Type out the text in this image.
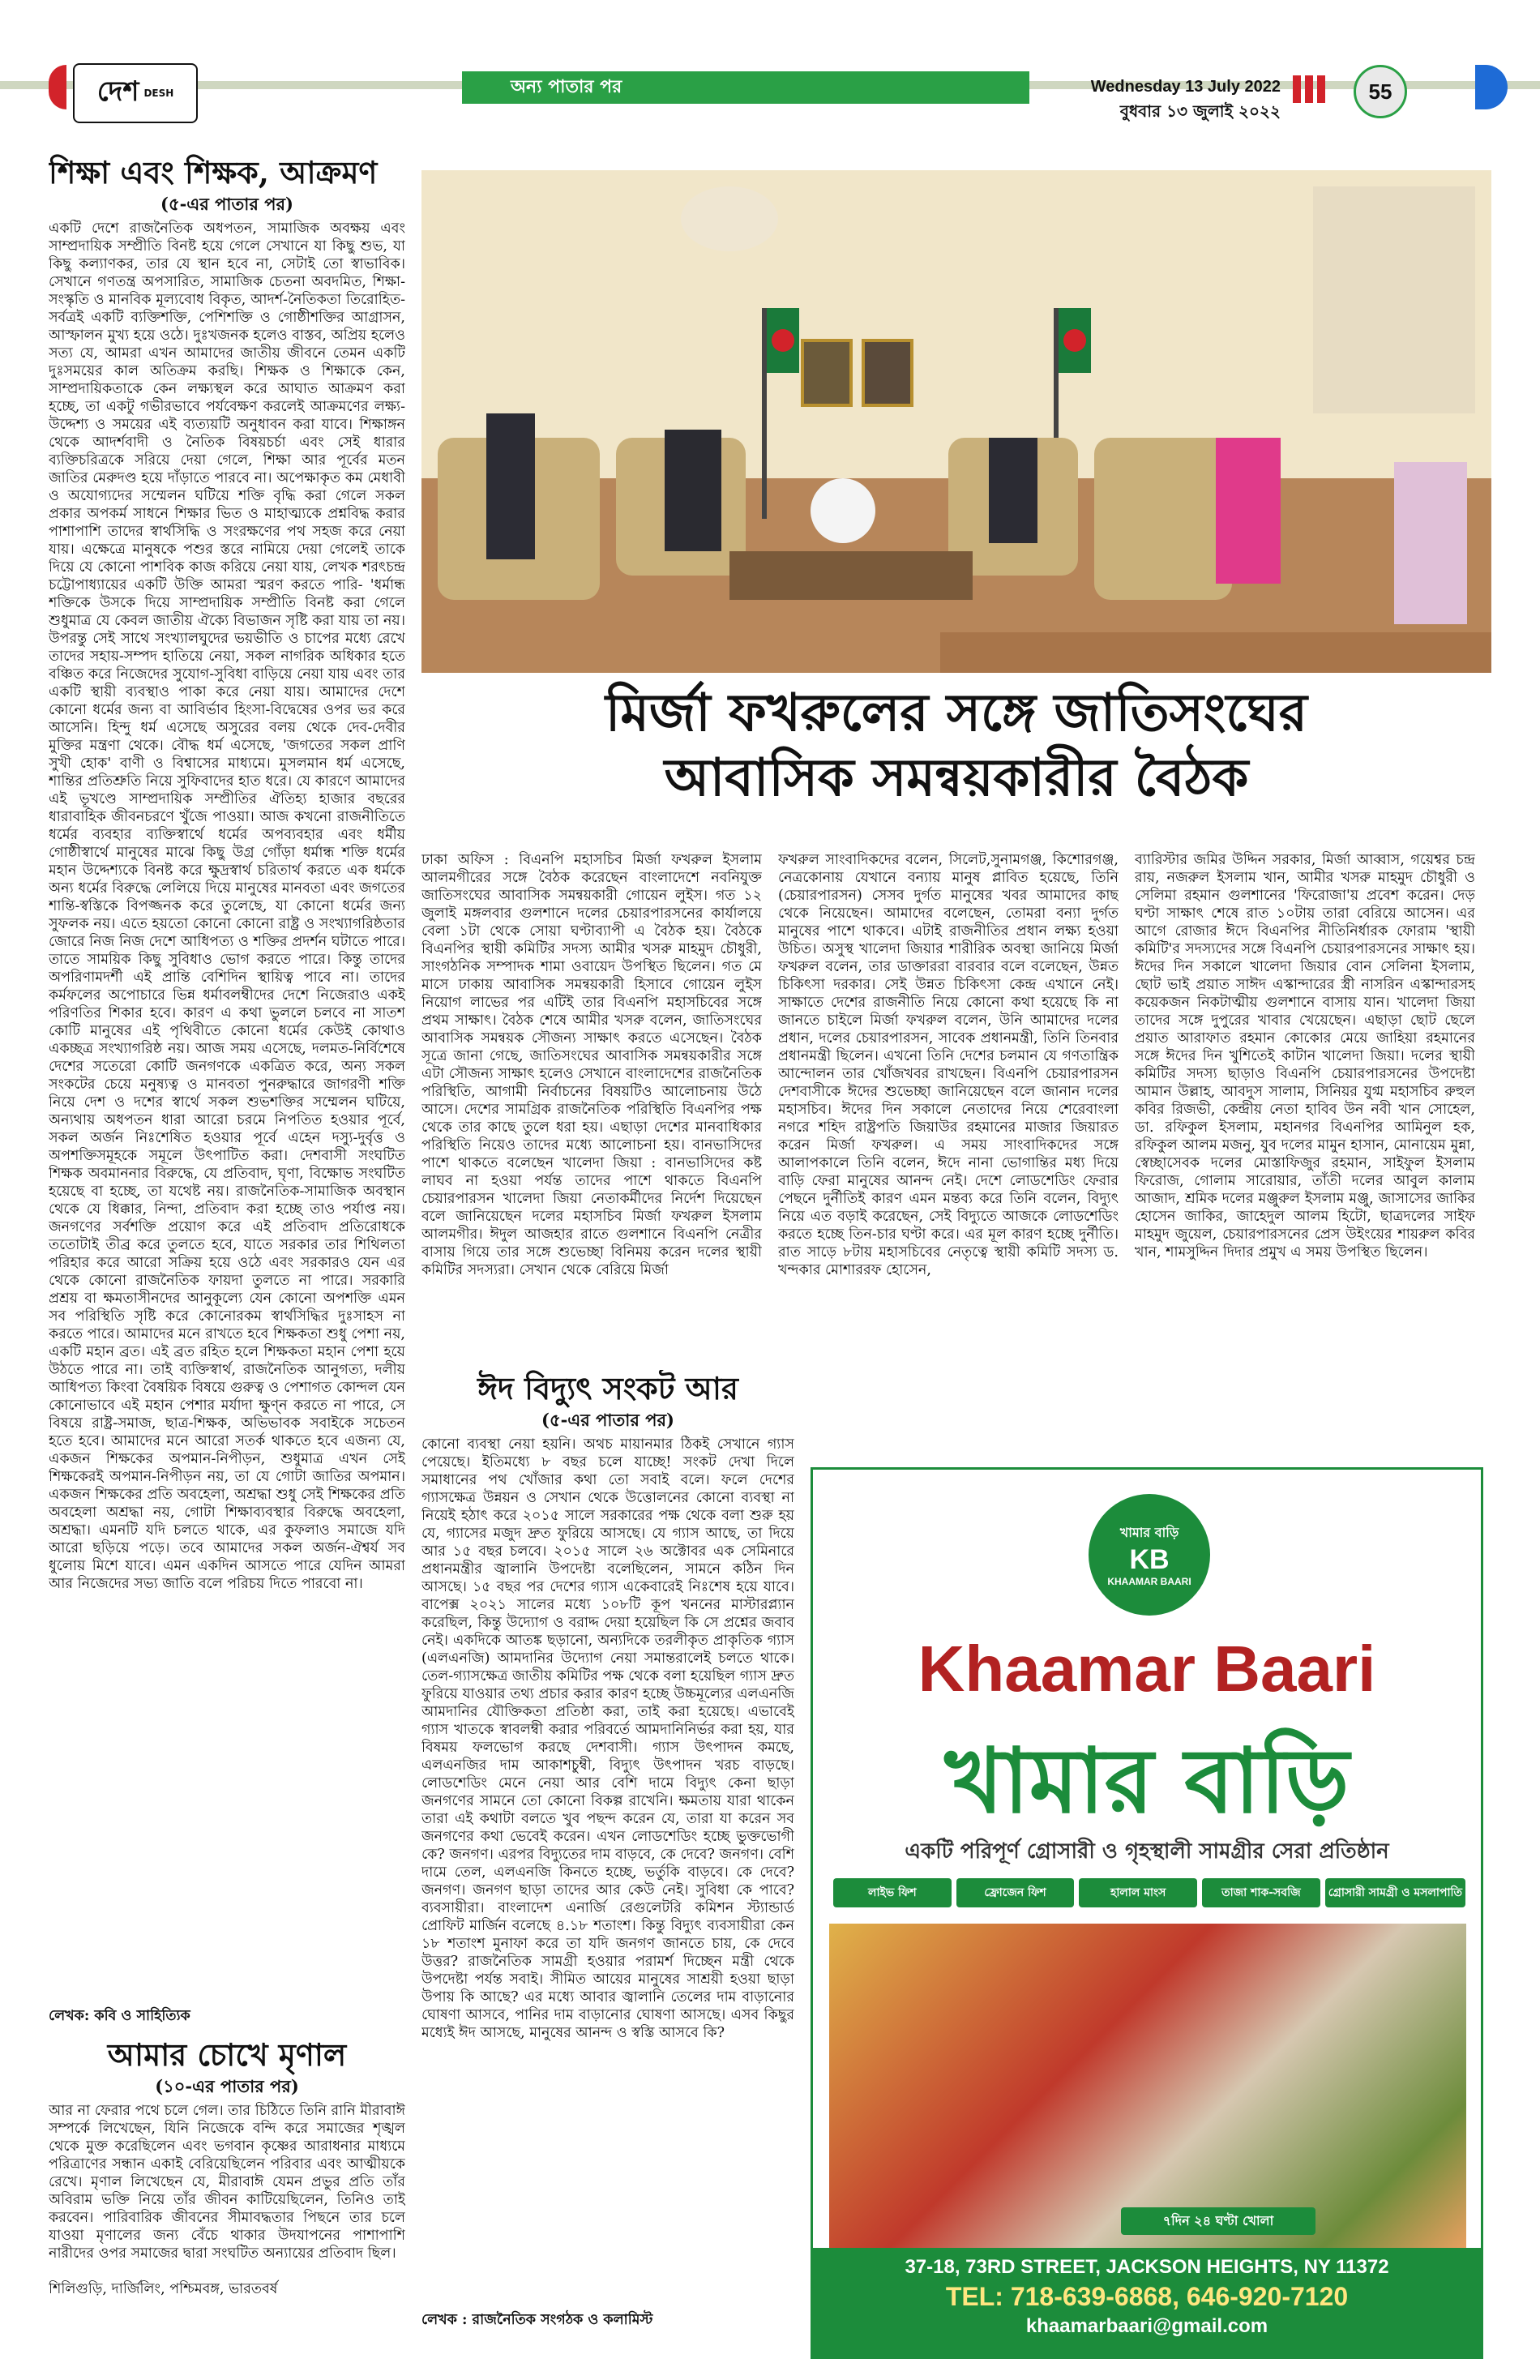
দেশ DESH	অন্য পাতার পর	Wednesday 13 July 2022
বুধবার ১৩ জুলাই ২০২২
55
শিক্ষা এবং শিক্ষক, আক্রমণ
(৫-এর পাতার পর)
একটি দেশে রাজনৈতিক অধপতন, সামাজিক অবক্ষয় এবং সাম্প্রদায়িক সম্প্রীতি বিনষ্ট হয়ে গেলে সেখানে যা কিছু শুভ, যা কিছু কল্যাণকর, তার যে স্থান হবে না, সেটাই তো স্বাভাবিক। সেখানে গণতন্ত্র অপসারিত, সামাজিক চেতনা অবদমিত, শিক্ষা-সংস্কৃতি ও মানবিক মূল্যবোধ বিকৃত, আদর্শ-নৈতিকতা তিরোহিত- সর্বত্রই একটি ব্যক্তিশক্তি, পেশিশক্তি ও গোষ্ঠীশক্তির আগ্রাসন, আস্ফালন মুখ্য হয়ে ওঠে। দুঃখজনক হলেও বাস্তব, অপ্রিয় হলেও সত্য যে, আমরা এখন আমাদের জাতীয় জীবনে তেমন একটি দুঃসময়ের কাল অতিক্রম করছি। শিক্ষক ও শিক্ষাকে কেন, সাম্প্রদায়িকতাকে কেন লক্ষ্যস্থল করে আঘাত আক্রমণ করা হচ্ছে, তা একটু গভীরভাবে পর্যবেক্ষণ করলেই আক্রমণের লক্ষ্য-উদ্দেশ্য ও সময়ের এই ব্যত্যয়টি অনুধাবন করা যাবে। শিক্ষাঙ্গন থেকে আদর্শবাদী ও নৈতিক বিষয়চর্চা এবং সেই ধারার ব্যক্তিচরিত্রকে সরিয়ে দেয়া গেলে, শিক্ষা আর পূর্বের মতন জাতির মেরুদণ্ড হয়ে দাঁড়াতে পারবে না। অপেক্ষাকৃত কম মেধাবী ও অযোগ্যদের সম্মেলন ঘটিয়ে শক্তি বৃদ্ধি করা গেলে সকল প্রকার অপকর্ম সাধনে শিক্ষার ভিত ও মাহাত্ম্যকে প্রশ্নবিদ্ধ করার পাশাপাশি তাদের স্বার্থসিদ্ধি ও সংরক্ষণের পথ সহজ করে নেয়া যায়। এক্ষেত্রে মানুষকে পশুর স্তরে নামিয়ে দেয়া গেলেই তাকে দিয়ে যে কোনো পাশবিক কাজ করিয়ে নেয়া যায়, লেখক শরৎচন্দ্র চট্টোপাধ্যায়ের একটি উক্তি আমরা স্মরণ করতে পারি- 'ধর্মান্ধ শক্তিকে উসকে দিয়ে সাম্প্রদায়িক সম্প্রীতি বিনষ্ট করা গেলে শুধুমাত্র যে কেবল জাতীয় ঐক্যে বিভাজন সৃষ্টি করা যায় তা নয়। উপরন্তু সেই সাথে সংখ্যালঘুদের ভয়ভীতি ও চাপের মধ্যে রেখে তাদের সহায়-সম্পদ হাতিয়ে নেয়া, সকল নাগরিক অধিকার হতে বঞ্চিত করে নিজেদের সুযোগ-সুবিধা বাড়িয়ে নেয়া যায় এবং তার একটি স্থায়ী ব্যবস্থাও পাকা করে নেয়া যায়। আমাদের দেশে কোনো ধর্মের জন্য বা আবির্ভাব হিংসা-বিদ্বেষের ওপর ভর করে আসেনি। হিন্দু ধর্ম এসেছে অসুরের বলয় থেকে দেব-দেবীর মুক্তির মন্ত্রণা থেকে। বৌদ্ধ ধর্ম এসেছে, 'জগতের সকল প্রাণি সুখী হোক' বাণী ও বিশ্বাসের মাধ্যমে। মুসলমান ধর্ম এসেছে, শান্তির প্রতিশ্রুতি নিয়ে সুফিবাদের হাত ধরে। যে কারণে আমাদের এই ভূখণ্ডে সাম্প্রদায়িক সম্প্রীতির ঐতিহ্য হাজার বছরের ধারাবাহিক জীবনচরণে খুঁজে পাওয়া। আজ কখনো রাজনীতিতে ধর্মের ব্যবহার ব্যক্তিস্বার্থে ধর্মের অপব্যবহার এবং ধর্মীয় গোষ্ঠীস্বার্থে মানুষের মাঝে কিছু উগ্র গোঁড়া ধর্মান্ধ শক্তি ধর্মের মহান উদ্দেশ্যকে বিনষ্ট করে ক্ষুদ্রস্বার্থ চরিতার্থ করতে এক ধর্মকে অন্য ধর্মের বিরুদ্ধে লেলিয়ে দিয়ে মানুষের মানবতা এবং জগতের শান্তি-স্বস্তিকে বিপজ্জনক করে তুলেছে, যা কোনো ধর্মের জন্য সুফলক নয়। এতে হয়তো কোনো কোনো রাষ্ট্র ও সংখ্যাগরিষ্ঠতার জোরে নিজ নিজ দেশে আধিপত্য ও শক্তির প্রদর্শন ঘটাতে পারে। তাতে সাময়িক কিছু সুবিধাও ভোগ করতে পারে। কিন্তু তাদের অপরিণামদর্শী এই প্রান্তি বেশিদিন স্থায়িত্ব পাবে না। তাদের কর্মফলের অপোচারে ভিন্ন ধর্মাবলম্বীদের দেশে নিজেরাও একই পরিণতির শিকার হবে। কারণ এ কথা ভুললে চলবে না সাতশ কোটি মানুষের এই পৃথিবীতে কোনো ধর্মের কেউই কোথাও একচ্ছত্র সংখ্যাগরিষ্ঠ নয়। আজ সময় এসেছে, দলমত-নির্বিশেষে দেশের সতেরো কোটি জনগণকে একত্রিত করে, অন্য সকল সংকটের চেয়ে মনুষ্যত্ব ও মানবতা পুনরুদ্ধারে জাগরণী শক্তি নিয়ে দেশ ও দশের স্বার্থে সকল শুভশক্তির সম্মেলন ঘটিয়ে, অন্যথায় অধপতন ধারা আরো চরমে নিপতিত হওয়ার পূর্বে, সকল অর্জন নিঃশেষিত হওয়ার পূর্বে এহেন দস্যু-দুর্বৃত্ত ও অপশক্তিসমূহকে সমূলে উৎপাটিত করা। দেশবাসী সংঘটিত শিক্ষক অবমাননার বিরুদ্ধে, যে প্রতিবাদ, ঘৃণা, বিক্ষোভ সংঘটিত হয়েছে বা হচ্ছে, তা যথেষ্ট নয়। রাজনৈতিক-সামাজিক অবস্থান থেকে যে ধিক্কার, নিন্দা, প্রতিবাদ করা হচ্ছে তাও পর্যাপ্ত নয়। জনগণের সর্বশক্তি প্রয়োগ করে এই প্রতিবাদ প্রতিরোধকে ততোটাই তীব্র করে তুলতে হবে, যাতে সরকার তার শিথিলতা পরিহার করে আরো সক্রিয় হয়ে ওঠে এবং সরকারও যেন এর থেকে কোনো রাজনৈতিক ফায়দা তুলতে না পারে। সরকারি প্রশ্রয় বা ক্ষমতাসীনদের আনুকূল্যে যেন কোনো অপশক্তি এমন সব পরিস্থিতি সৃষ্টি করে কোনোরকম স্বার্থসিদ্ধির দুঃসাহস না করতে পারে। আমাদের মনে রাখতে হবে শিক্ষকতা শুধু পেশা নয়, একটি মহান ব্রত। এই ব্রত রহিত হলে শিক্ষকতা মহান পেশা হয়ে উঠতে পারে না। তাই ব্যক্তিস্বার্থ, রাজনৈতিক আনুগত্য, দলীয় আধিপত্য কিংবা বৈষয়িক বিষয়ে গুরুত্ব ও পেশাগত কোন্দল যেন কোনোভাবে এই মহান পেশার মর্যাদা ক্ষুণ্ন করতে না পারে, সে বিষয়ে রাষ্ট্র-সমাজ, ছাত্র-শিক্ষক, অভিভাবক সবাইকে সচেতন হতে হবে। আমাদের মনে আরো সতর্ক থাকতে হবে এজন্য যে, একজন শিক্ষকের অপমান-নিপীড়ন, শুধুমাত্র এখন সেই শিক্ষকেরই অপমান-নিপীড়ন নয়, তা যে গোটা জাতির অপমান। একজন শিক্ষকের প্রতি অবহেলা, অশ্রদ্ধা শুধু সেই শিক্ষকের প্রতি অবহেলা অশ্রদ্ধা নয়, গোটা শিক্ষাব্যবস্থার বিরুদ্ধে অবহেলা, অশ্রদ্ধা। এমনটি যদি চলতে থাকে, এর কুফলাও সমাজে যদি আরো ছড়িয়ে পড়ে। তবে আমাদের সকল অর্জন-ঐশ্বর্য সব ধুলোয় মিশে যাবে। এমন একদিন আসতে পারে যেদিন আমরা আর নিজেদের সভ্য জাতি বলে পরিচয় দিতে পারবো না।
লেখক: কবি ও সাহিত্যিক
আমার চোখে মৃণাল
(১০-এর পাতার পর)
আর না ফেরার পথে চলে গেল। তার চিঠিতে তিনি রানি মীরাবাঈ সম্পর্কে লিখেছেন, যিনি নিজেকে বন্দি করে সমাজের শৃঙ্খল থেকে মুক্ত করেছিলেন এবং ভগবান কৃষ্ণের আরাধনার মাধ্যমে পরিত্রাণের সন্ধান একাই বেরিয়েছিলেন পরিবার এবং আত্মীয়কে রেখে। মৃণাল লিখেছেন যে, মীরাবাঈ যেমন প্রভুর প্রতি তাঁর অবিরাম ভক্তি নিয়ে তাঁর জীবন কাটিয়েছিলেন, তিনিও তাই করবেন। পারিবারিক জীবনের সীমাবদ্ধতার পিছনে তার চলে যাওয়া মৃণালের জন্য বেঁচে থাকার উদযাপনের পাশাপাশি নারীদের ওপর সমাজের দ্বারা সংঘটিত অন্যায়ের প্রতিবাদ ছিল।
শিলিগুড়ি, দার্জিলিং, পশ্চিমবঙ্গ, ভারতবর্ষ
মির্জা ফখরুলের সঙ্গে জাতিসংঘের
আবাসিক সমন্বয়কারীর বৈঠক
ঢাকা অফিস : বিএনপি মহাসচিব মির্জা ফখরুল ইসলাম আলমগীরের সঙ্গে বৈঠক করেছেন বাংলাদেশে নবনিযুক্ত জাতিসংঘের আবাসিক সমন্বয়কারী গোয়েন লুইস। গত ১২ জুলাই মঙ্গলবার গুলশানে দলের চেয়ারপারসনের কার্যালয়ে বেলা ১টা থেকে সোয়া ঘণ্টাব্যাপী এ বৈঠক হয়। বৈঠকে বিএনপির স্থায়ী কমিটির সদস্য আমীর খসরু মাহমুদ চৌধুরী, সাংগঠনিক সম্পাদক শামা ওবায়েদ উপস্থিত ছিলেন। গত মে মাসে ঢাকায় আবাসিক সমন্বয়কারী হিসাবে গোয়েন লুইস নিয়োগ লাভের পর এটিই তার বিএনপি মহাসচিবের সঙ্গে প্রথম সাক্ষাৎ। বৈঠক শেষে আমীর খসরু বলেন, জাতিসংঘের আবাসিক সমন্বয়ক সৌজন্য সাক্ষাৎ করতে এসেছেন। বৈঠক সূত্রে জানা গেছে, জাতিসংঘের আবাসিক সমন্বয়কারীর সঙ্গে এটা সৌজন্য সাক্ষাৎ হলেও সেখানে বাংলাদেশের রাজনৈতিক পরিস্থিতি, আগামী নির্বাচনের বিষয়টিও আলোচনায় উঠে আসে। দেশের সামগ্রিক রাজনৈতিক পরিস্থিতি বিএনপির পক্ষ থেকে তার কাছে তুলে ধরা হয়। এছাড়া দেশের মানবাধিকার পরিস্থিতি নিয়েও তাদের মধ্যে আলোচনা হয়। বানভাসিদের পাশে থাকতে বলেছেন খালেদা জিয়া : বানভাসিদের কষ্ট লাঘব না হওয়া পর্যন্ত তাদের পাশে থাকতে বিএনপি চেয়ারপারসন খালেদা জিয়া নেতাকর্মীদের নির্দেশ দিয়েছেন বলে জানিয়েছেন দলের মহাসচিব মির্জা ফখরুল ইসলাম আলমগীর। ঈদুল আজহার রাতে গুলশানে বিএনপি নেত্রীর বাসায় গিয়ে তার সঙ্গে শুভেচ্ছা বিনিময় করেন দলের স্থায়ী কমিটির সদস্যরা। সেখান থেকে বেরিয়ে মির্জা
ফখরুল সাংবাদিকদের বলেন, সিলেট,সুনামগঞ্জ, কিশোরগঞ্জ, নেত্রকোনায় যেখানে বন্যায় মানুষ প্লাবিত হয়েছে, তিনি (চেয়ারপারসন) সেসব দুর্গত মানুষের খবর আমাদের কাছ থেকে নিয়েছেন। আমাদের বলেছেন, তোমরা বন্যা দুর্গত মানুষের পাশে থাকবে। এটাই রাজনীতির প্রধান লক্ষ্য হওয়া উচিত। অসুস্থ খালেদা জিয়ার শারীরিক অবস্থা জানিয়ে মির্জা ফখরুল বলেন, তার ডাক্তাররা বারবার বলে বলেছেন, উন্নত চিকিৎসা দরকার। সেই উন্নত চিকিৎসা কেন্দ্র এখানে নেই। সাক্ষাতে দেশের রাজনীতি নিয়ে কোনো কথা হয়েছে কি না জানতে চাইলে মির্জা ফখরুল বলেন, উনি আমাদের দলের প্রধান, দলের চেয়ারপারসন, সাবেক প্রধানমন্ত্রী, তিনি তিনবার প্রধানমন্ত্রী ছিলেন। এখনো তিনি দেশের চলমান যে গণতান্ত্রিক আন্দোলন তার খোঁজখবর রাখছেন। বিএনপি চেয়ারপারসন দেশবাসীকে ঈদের শুভেচ্ছা জানিয়েছেন বলে জানান দলের মহাসচিব। ঈদের দিন সকালে নেতাদের নিয়ে শেরেবাংলা নগরে শহিদ রাষ্ট্রপতি জিয়াউর রহমানের মাজার জিয়ারত করেন মির্জা ফখরুল। এ সময় সাংবাদিকদের সঙ্গে আলাপকালে তিনি বলেন, ঈদে নানা ভোগান্তির মধ্য দিয়ে বাড়ি ফেরা মানুষের আনন্দ নেই। দেশে লোডশেডিং ফেরার পেছনে দুর্নীতিই কারণ এমন মন্তব্য করে তিনি বলেন, বিদ্যুৎ নিয়ে এত বড়াই করেছেন, সেই বিদ্যুতে আজকে লোডশেডিং করতে হচ্ছে তিন-চার ঘণ্টা করে। এর মূল কারণ হচ্ছে দুর্নীতি। রাত সাড়ে ৮টায় মহাসচিবের নেতৃত্বে স্থায়ী কমিটি সদস্য ড. খন্দকার মোশাররফ হোসেন,
ব্যারিস্টার জমির উদ্দিন সরকার, মির্জা আব্বাস, গয়েশ্বর চন্দ্র রায়, নজরুল ইসলাম খান, আমীর খসরু মাহমুদ চৌধুরী ও সেলিমা রহমান গুলশানের 'ফিরোজা'য় প্রবেশ করেন। দেড় ঘণ্টা সাক্ষাৎ শেষে রাত ১০টায় তারা বেরিয়ে আসেন। এর আগে রোজার ঈদে বিএনপির নীতিনির্ধারক ফোরাম 'স্থায়ী কমিটি'র সদস্যদের সঙ্গে বিএনপি চেয়ারপারসনের সাক্ষাৎ হয়। ঈদের দিন সকালে খালেদা জিয়ার বোন সেলিনা ইসলাম, ছোট ভাই প্রয়াত সাঈদ এস্কান্দারের স্ত্রী নাসরিন এস্কান্দারসহ কয়েকজন নিকটাত্মীয় গুলশানে বাসায় যান। খালেদা জিয়া তাদের সঙ্গে দুপুরের খাবার খেয়েছেন। এছাড়া ছোট ছেলে প্রয়াত আরাফাত রহমান কোকোর মেয়ে জাহিয়া রহমানের সঙ্গে ঈদের দিন খুশিতেই কাটান খালেদা জিয়া। দলের স্থায়ী কমিটির সদস্য ছাড়াও বিএনপি চেয়ারপারসনের উপদেষ্টা আমান উল্লাহ, আবদুস সালাম, সিনিয়র যুগ্ম মহাসচিব রুহুল কবির রিজভী, কেন্দ্রীয় নেতা হাবিব উন নবী খান সোহেল, ডা. রফিকুল ইসলাম, মহানগর বিএনপির আমিনুল হক, রফিকুল আলম মজনু, যুব দলের মামুন হাসান, মোনায়েম মুন্না, স্বেচ্ছাসেবক দলের মোস্তাফিজুর রহমান, সাইফুল ইসলাম ফিরোজ, গোলাম সারোয়ার, তাঁতী দলের আবুল কালাম আজাদ, শ্রমিক দলের মঞ্জুরুল ইসলাম মঞ্জু, জাসাসের জাকির হোসেন জাকির, জাহেদুল আলম হিটো, ছাত্রদলের সাইফ মাহমুদ জুয়েল, চেয়ারপারসনের প্রেস উইংয়ের শায়রুল কবির খান, শামসুদ্দিন দিদার প্রমুখ এ সময় উপস্থিত ছিলেন।
ঈদ বিদ্যুৎ সংকট আর
(৫-এর পাতার পর)
কোনো ব্যবস্থা নেয়া হয়নি। অথচ মায়ানমার ঠিকই সেখানে গ্যাস পেয়েছে। ইতিমধ্যে ৮ বছর চলে যাচ্ছে! সংকট দেখা দিলে সমাধানের পথ খোঁজার কথা তো সবাই বলে। ফলে দেশের গ্যাসক্ষেত্র উন্নয়ন ও সেখান থেকে উত্তোলনের কোনো ব্যবস্থা না নিয়েই হঠাৎ করে ২০১৫ সালে সরকারের পক্ষ থেকে বলা শুরু হয় যে, গ্যাসের মজুদ দ্রুত ফুরিয়ে আসছে। যে গ্যাস আছে, তা দিয়ে আর ১৫ বছর চলবে। ২০১৫ সালে ২৬ অক্টোবর এক সেমিনারে প্রধানমন্ত্রীর জ্বালানি উপদেষ্টা বলেছিলেন, সামনে কঠিন দিন আসছে। ১৫ বছর পর দেশের গ্যাস একেবারেই নিঃশেষ হয়ে যাবে। বাপেক্স ২০২১ সালের মধ্যে ১০৮টি কূপ খননের মাস্টারপ্ল্যান করেছিল, কিন্তু উদ্যোগ ও বরাদ্দ দেয়া হয়েছিল কি সে প্রশ্নের জবাব নেই। একদিকে আতঙ্ক ছড়ানো, অন্যদিকে তরলীকৃত প্রাকৃতিক গ্যাস (এলএনজি) আমদানির উদ্যোগ নেয়া সমান্তরালেই চলতে থাকে। তেল-গ্যাসক্ষেত্র জাতীয় কমিটির পক্ষ থেকে বলা হয়েছিল গ্যাস দ্রুত ফুরিয়ে যাওয়ার তথ্য প্রচার করার কারণ হচ্ছে উচ্চমূল্যের এলএনজি আমদানির যৌক্তিকতা প্রতিষ্ঠা করা, তাই করা হয়েছে। এভাবেই গ্যাস খাতকে স্বাবলম্বী করার পরিবর্তে আমদানিনির্ভর করা হয়, যার বিষময় ফলভোগ করছে দেশবাসী। গ্যাস উৎপাদন কমছে, এলএনজির দাম আকাশচুম্বী, বিদ্যুৎ উৎপাদন খরচ বাড়ছে। লোডশেডিং মেনে নেয়া আর বেশি দামে বিদ্যুৎ কেনা ছাড়া জনগণের সামনে তো কোনো বিকল্প রাখেনি। ক্ষমতায় যারা থাকেন তারা এই কথাটা বলতে খুব পছন্দ করেন যে, তারা যা করেন সব জনগণের কথা ভেবেই করেন। এখন লোডশেডিং হচ্ছে ভুক্তভোগী কে? জনগণ। এরপর বিদ্যুতের দাম বাড়বে, কে দেবে? জনগণ। বেশি দামে তেল, এলএনজি কিনতে হচ্ছে, ভর্তুকি বাড়বে। কে দেবে? জনগণ। জনগণ ছাড়া তাদের আর কেউ নেই। সুবিধা কে পাবে? ব্যবসায়ীরা। বাংলাদেশ এনার্জি রেগুলেটরি কমিশন স্ট্যান্ডার্ড প্রোফিট মার্জিন বলেছে ৪.১৮ শতাংশ। কিন্তু বিদ্যুৎ ব্যবসায়ীরা কেন ১৮ শতাংশ মুনাফা করে তা যদি জনগণ জানতে চায়, কে দেবে উত্তর? রাজনৈতিক সামগ্রী হওয়ার পরামর্শ দিচ্ছেন মন্ত্রী থেকে উপদেষ্টা পর্যন্ত সবাই। সীমিত আয়ের মানুষের সাশ্রয়ী হওয়া ছাড়া উপায় কি আছে? এর মধ্যে আবার জ্বালানি তেলের দাম বাড়ানোর ঘোষণা আসবে, পানির দাম বাড়ানোর ঘোষণা আসছে। এসব কিছুর মধ্যেই ঈদ আসছে, মানুষের আনন্দ ও স্বস্তি আসবে কি?
লেখক : রাজনৈতিক সংগঠক ও কলামিস্ট
খামার বাড়ি
KB
KHAAMAR BAARI
Khaamar Baari
খামার বাড়ি
একটি পরিপূর্ণ গ্রোসারী ও গৃহস্থালী সামগ্রীর সেরা প্রতিষ্ঠান
লাইভ ফিশ	ফ্রোজেন ফিশ	হালাল মাংস	তাজা শাক-সবজি	গ্রোসারী সামগ্রী ও মসলাপাতি
৭দিন ২৪ ঘণ্টা খোলা
37-18, 73RD STREET, JACKSON HEIGHTS, NY 11372
TEL: 718-639-6868, 646-920-7120
khaamarbaari@gmail.com
